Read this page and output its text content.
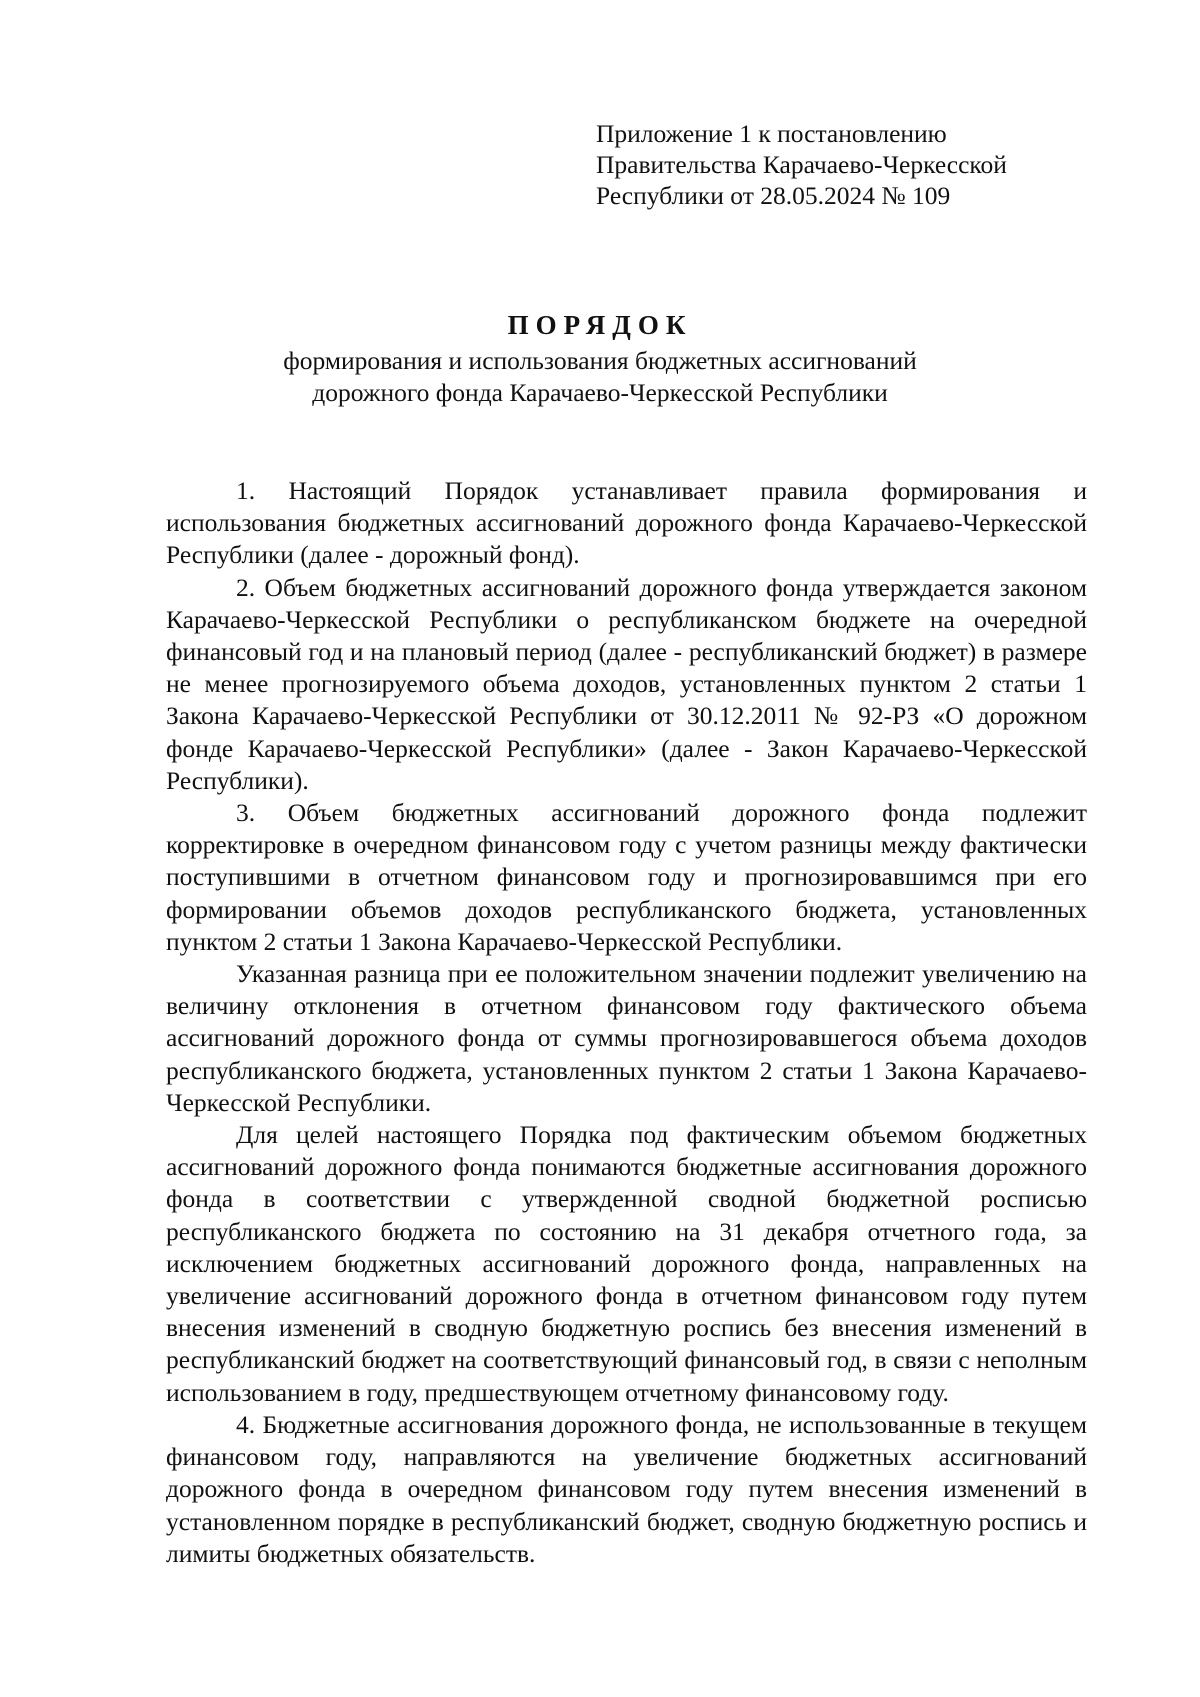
Приложение 1 к постановлению
Правительства Карачаево-Черкесской
Республики от 28.05.2024 № 109
ПОРЯДОК
формирования и использования бюджетных ассигнований
дорожного фонда Карачаево-Черкесской Республики

1. Настоящий Порядок устанавливает правила формирования и использования бюджетных ассигнований дорожного фонда Карачаево-Черкесской Республики (далее - дорожный фонд).

2. Объем бюджетных ассигнований дорожного фонда утверждается законом Карачаево-Черкесской Республики о республиканском бюджете на очередной финансовый год и на плановый период (далее - республиканский бюджет) в размере не менее прогнозируемого объема доходов, установленных пунктом 2 статьи 1 Закона Карачаево-Черкесской Республики от 30.12.2011 № 92-РЗ «О дорожном фонде Карачаево-Черкесской Республики» (далее - Закон Карачаево-Черкесской Республики).

3. Объем бюджетных ассигнований дорожного фонда подлежит корректировке в очередном финансовом году с учетом разницы между фактически поступившими в отчетном финансовом году и прогнозировавшимся при его формировании объемов доходов республиканского бюджета, установленных пунктом 2 статьи 1 Закона Карачаево-Черкесской Республики.

Указанная разница при ее положительном значении подлежит увеличению на величину отклонения в отчетном финансовом году фактического объема ассигнований дорожного фонда от суммы прогнозировавшегося объема доходов республиканского бюджета, установленных пунктом 2 статьи 1 Закона Карачаево-Черкесской Республики.

Для целей настоящего Порядка под фактическим объемом бюджетных ассигнований дорожного фонда понимаются бюджетные ассигнования дорожного фонда в соответствии с утвержденной сводной бюджетной росписью республиканского бюджета по состоянию на 31 декабря отчетного года, за исключением бюджетных ассигнований дорожного фонда, направленных на увеличение ассигнований дорожного фонда в отчетном финансовом году путем внесения изменений в сводную бюджетную роспись без внесения изменений в республиканский бюджет на соответствующий финансовый год, в связи с неполным использованием в году, предшествующем отчетному финансовому году.

4. Бюджетные ассигнования дорожного фонда, не использованные в текущем финансовом году, направляются на увеличение бюджетных ассигнований дорожного фонда в очередном финансовом году путем внесения изменений в установленном порядке в республиканский бюджет, сводную бюджетную роспись и лимиты бюджетных обязательств.
